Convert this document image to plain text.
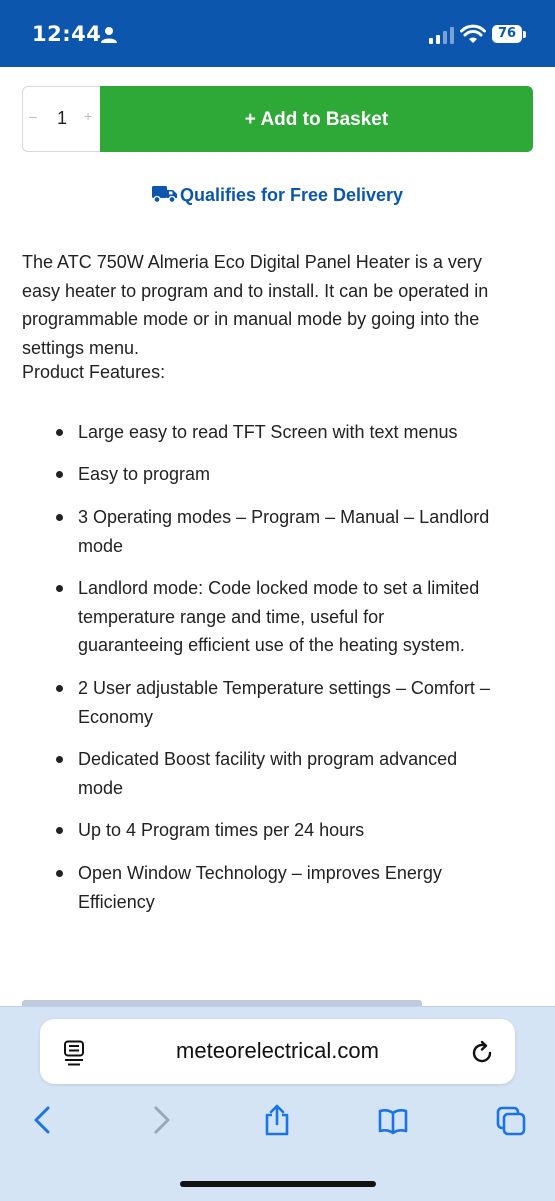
12:44	76
– 1 +	+ Add to Basket
Qualifies for Free Delivery
The ATC 750W Almeria Eco Digital Panel Heater is a very
easy heater to program and to install. It can be operated in
programmable mode or in manual mode by going into the
settings menu.
Product Features:
Large easy to read TFT Screen with text menus
Easy to program
3 Operating modes – Program – Manual – Landlord
mode
Landlord mode: Code locked mode to set a limited
temperature range and time, useful for
guaranteeing efficient use of the heating system.
2 User adjustable Temperature settings – Comfort –
Economy
Dedicated Boost facility with program advanced
mode
Up to 4 Program times per 24 hours
Open Window Technology – improves Energy
Efficiency
meteorelectrical.com
